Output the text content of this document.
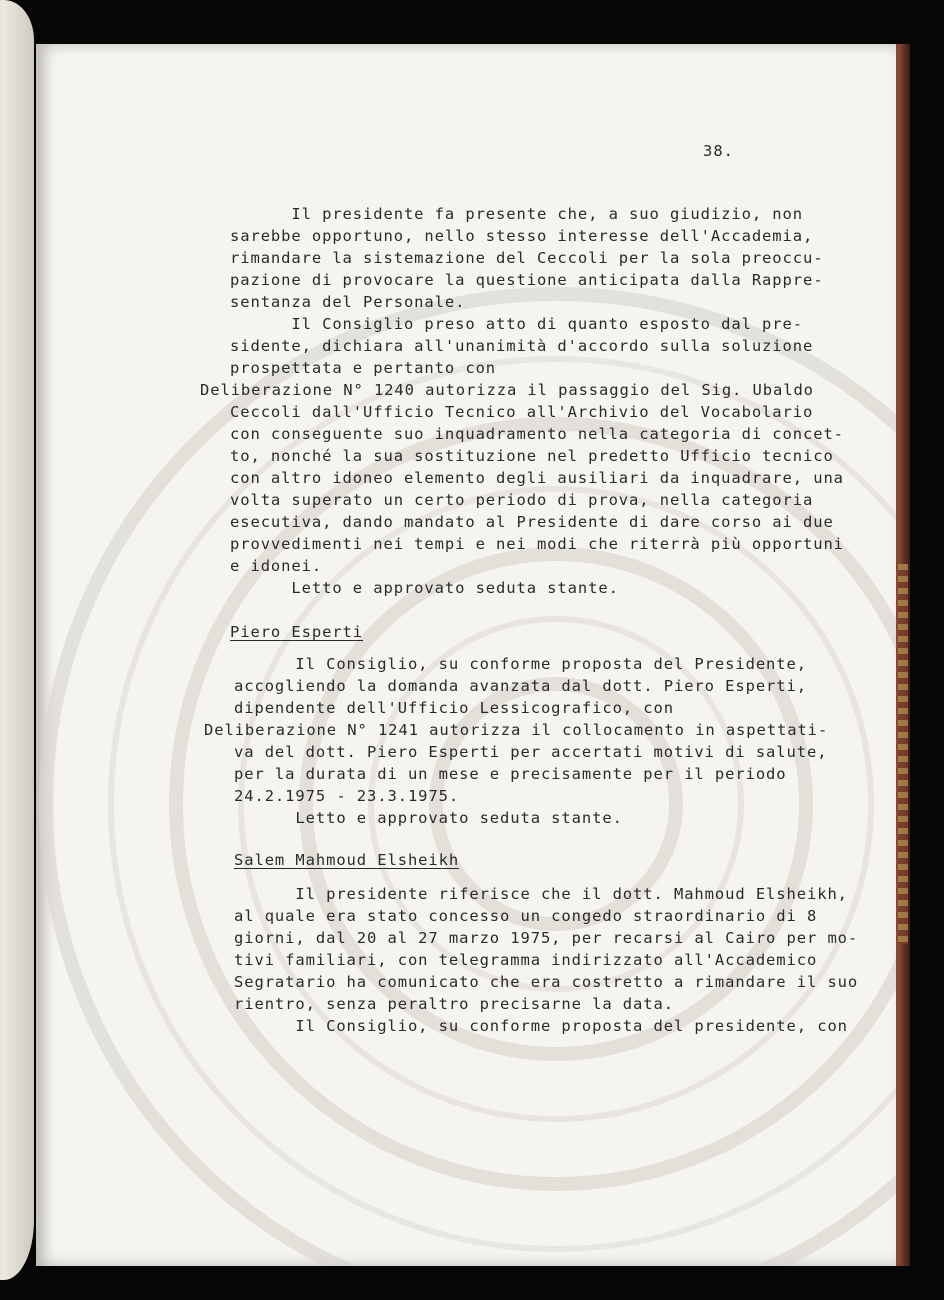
38.
Il presidente fa presente che, a suo giudizio, non
sarebbe opportuno, nello stesso interesse dell'Accademia,
rimandare la sistemazione del Ceccoli per la sola preoccu-
pazione di provocare la questione anticipata dalla Rappre-
sentanza del Personale.
Il Consiglio preso atto di quanto esposto dal pre-
sidente, dichiara all'unanimità d'accordo sulla soluzione
prospettata e pertanto con
Deliberazione N° 1240 autorizza il passaggio del Sig. Ubaldo
Ceccoli dall'Ufficio Tecnico all'Archivio del Vocabolario
con conseguente suo inquadramento nella categoria di concet-
to, nonché la sua sostituzione nel predetto Ufficio tecnico
con altro idoneo elemento degli ausiliari da inquadrare, una
volta superato un certo periodo di prova, nella categoria
esecutiva, dando mandato al Presidente di dare corso ai due
provvedimenti nei tempi e nei modi che riterrà più opportuni
e idonei.
Letto e approvato seduta stante.
Piero Esperti
Il Consiglio, su conforme proposta del Presidente,
accogliendo la domanda avanzata dal dott. Piero Esperti,
dipendente dell'Ufficio Lessicografico, con
Deliberazione N° 1241 autorizza il collocamento in aspettati-
va del dott. Piero Esperti per accertati motivi di salute,
per la durata di un mese e precisamente per il periodo
24.2.1975 - 23.3.1975.
Letto e approvato seduta stante.
Salem Mahmoud Elsheikh
Il presidente riferisce che il dott. Mahmoud Elsheikh,
al quale era stato concesso un congedo straordinario di 8
giorni, dal 20 al 27 marzo 1975, per recarsi al Cairo per mo-
tivi familiari, con telegramma indirizzato all'Accademico
Segratario ha comunicato che era costretto a rimandare il suo
rientro, senza peraltro precisarne la data.
Il Consiglio, su conforme proposta del presidente, con
